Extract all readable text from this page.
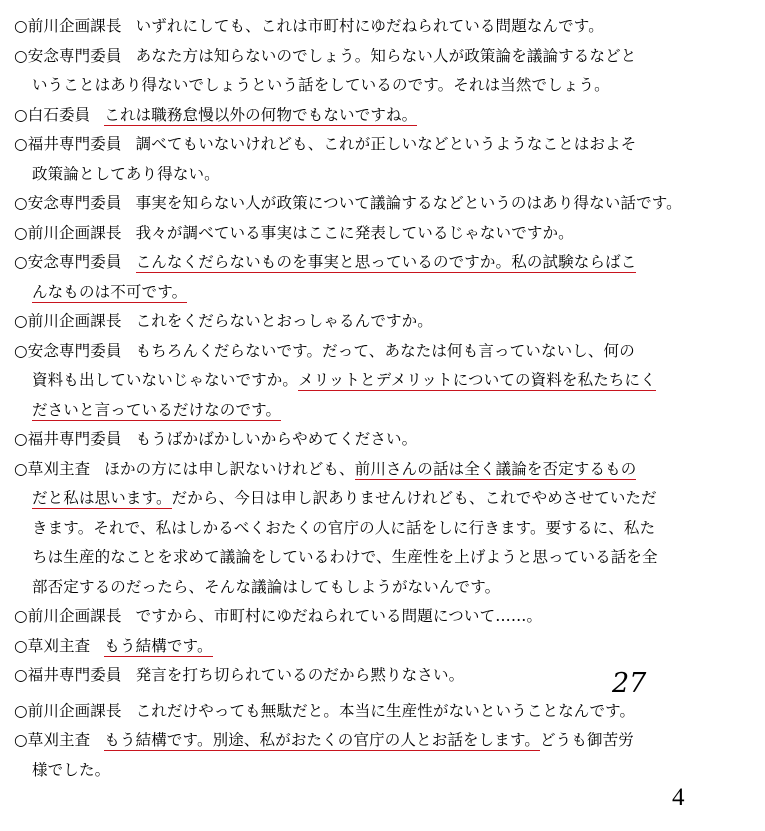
○前川企画課長 いずれにしても、これは市町村にゆだねられている問題なんです。
○安念専門委員 あなた方は知らないのでしょう。知らない人が政策論を議論するなどと
いうことはあり得ないでしょうという話をしているのです。それは当然でしょう。
○白石委員 これは職務怠慢以外の何物でもないですね。
○福井専門委員 調べてもいないけれども、これが正しいなどというようなことはおよそ
政策論としてあり得ない。
○安念専門委員 事実を知らない人が政策について議論するなどというのはあり得ない話です。
○前川企画課長 我々が調べている事実はここに発表しているじゃないですか。
○安念専門委員 こんなくだらないものを事実と思っているのですか。私の試験ならばこ
んなものは不可です。
○前川企画課長 これをくだらないとおっしゃるんですか。
○安念専門委員 もちろんくだらないです。だって、あなたは何も言っていないし、何の
資料も出していないじゃないですか。メリットとデメリットについての資料を私たちにく
ださいと言っているだけなのです。
○福井専門委員 もうばかばかしいからやめてください。
○草刈主査 ほかの方には申し訳ないけれども、前川さんの話は全く議論を否定するもの
だと私は思います。だから、今日は申し訳ありませんけれども、これでやめさせていただ
きます。それで、私はしかるべくおたくの官庁の人に話をしに行きます。要するに、私た
ちは生産的なことを求めて議論をしているわけで、生産性を上げようと思っている話を全
部否定するのだったら、そんな議論はしてもしようがないんです。
○前川企画課長 ですから、市町村にゆだねられている問題について……。
○草刈主査 もう結構です。
○福井専門委員 発言を打ち切られているのだから黙りなさい。
○前川企画課長 これだけやっても無駄だと。本当に生産性がないということなんです。
○草刈主査 もう結構です。別途、私がおたくの官庁の人とお話をします。どうも御苦労
様でした。
27
4
